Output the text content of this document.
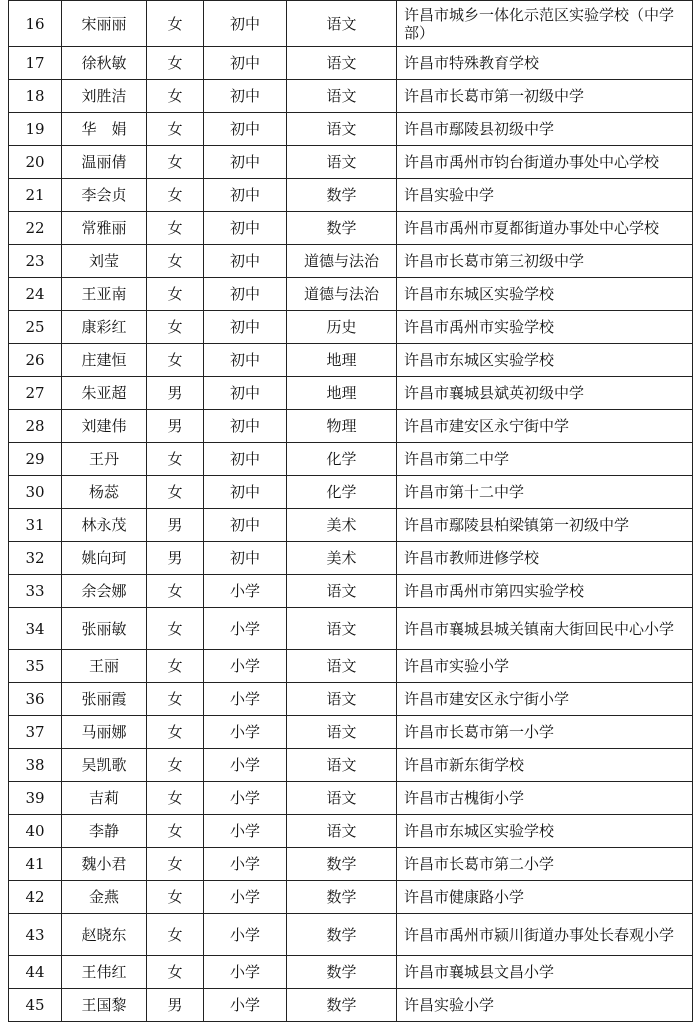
16	宋丽丽	女	初中	语文	许昌市城乡一体化示范区实验学校（中学部）

17	徐秋敏	女	初中	语文	许昌市特殊教育学校

18	刘胜洁	女	初中	语文	许昌市长葛市第一初级中学

19	华　娟	女	初中	语文	许昌市鄢陵县初级中学

20	温丽倩	女	初中	语文	许昌市禹州市钧台街道办事处中心学校

21	李会贞	女	初中	数学	许昌实验中学

22	常雅丽	女	初中	数学	许昌市禹州市夏都街道办事处中心学校

23	刘莹	女	初中	道德与法治	许昌市长葛市第三初级中学

24	王亚南	女	初中	道德与法治	许昌市东城区实验学校

25	康彩红	女	初中	历史	许昌市禹州市实验学校

26	庄建恒	女	初中	地理	许昌市东城区实验学校

27	朱亚超	男	初中	地理	许昌市襄城县斌英初级中学

28	刘建伟	男	初中	物理	许昌市建安区永宁街中学

29	王丹	女	初中	化学	许昌市第二中学

30	杨蕊	女	初中	化学	许昌市第十二中学

31	林永茂	男	初中	美术	许昌市鄢陵县柏梁镇第一初级中学

32	姚向珂	男	初中	美术	许昌市教师进修学校

33	余会娜	女	小学	语文	许昌市禹州市第四实验学校

34	张丽敏	女	小学	语文	许昌市襄城县城关镇南大街回民中心小学

35	王丽	女	小学	语文	许昌市实验小学

36	张丽霞	女	小学	语文	许昌市建安区永宁街小学

37	马丽娜	女	小学	语文	许昌市长葛市第一小学

38	吴凯歌	女	小学	语文	许昌市新东街学校

39	吉莉	女	小学	语文	许昌市古槐街小学

40	李静	女	小学	语文	许昌市东城区实验学校

41	魏小君	女	小学	数学	许昌市长葛市第二小学

42	金燕	女	小学	数学	许昌市健康路小学

43	赵晓东	女	小学	数学	许昌市禹州市颍川街道办事处长春观小学

44	王伟红	女	小学	数学	许昌市襄城县文昌小学

45	王国黎	男	小学	数学	许昌实验小学
